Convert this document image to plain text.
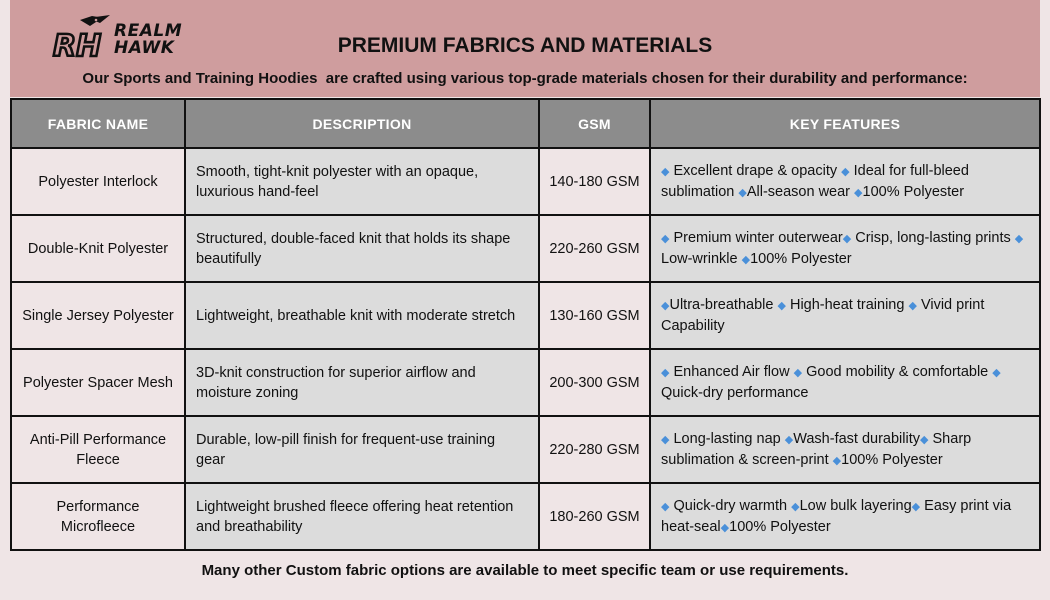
RH REALM
HAWK	PREMIUM FABRICS AND MATERIALS
Our Sports and Training Hoodies  are crafted using various top-grade materials chosen for their durability and performance:
FABRIC NAME	DESCRIPTION	GSM	KEY FEATURES
Polyester Interlock	Smooth, tight-knit polyester with an opaque, luxurious hand-feel	140-180 GSM	◆ Excellent drape & opacity ◆ Ideal for full-bleed sublimation ◆All-season wear ◆100% Polyester
Double-Knit Polyester	Structured, double-faced knit that holds its shape beautifully	220-260 GSM	◆ Premium winter outerwear◆ Crisp, long-lasting prints ◆ Low-wrinkle ◆100% Polyester
Single Jersey Polyester	Lightweight, breathable knit with moderate stretch	130-160 GSM	◆Ultra-breathable ◆ High-heat training ◆ Vivid print Capability
Polyester Spacer Mesh	3D-knit construction for superior airflow and moisture zoning	200-300 GSM	◆ Enhanced Air flow ◆ Good mobility & comfortable ◆ Quick-dry performance
Anti-Pill Performance Fleece	Durable, low-pill finish for frequent-use training gear	220-280 GSM	◆ Long-lasting nap ◆Wash-fast durability◆ Sharp sublimation & screen-print ◆100% Polyester
Performance Microfleece	Lightweight brushed fleece offering heat retention and breathability	180-260 GSM	◆ Quick-dry warmth ◆Low bulk layering◆ Easy print via heat-seal◆100% Polyester
Many other Custom fabric options are available to meet specific team or use requirements.
